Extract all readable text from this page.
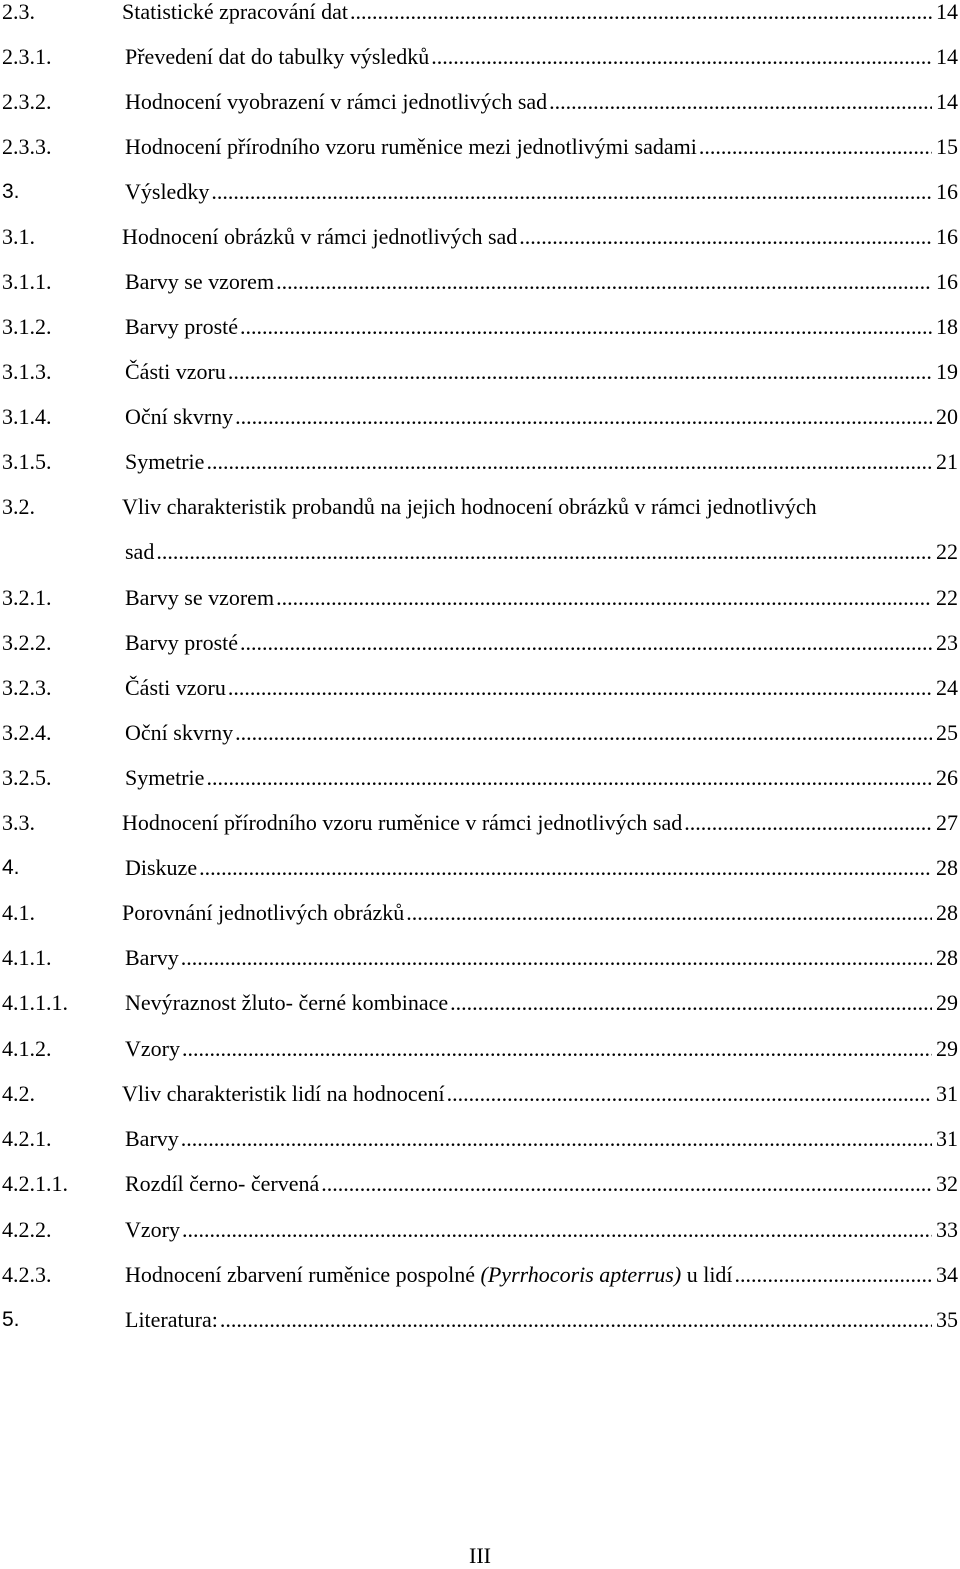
2.3.	Statistické zpracování dat .....	14
2.3.1.	Převedení dat do tabulky výsledků .....	14
2.3.2.	Hodnocení vyobrazení v rámci jednotlivých sad .....	14
2.3.3.	Hodnocení přírodního vzoru ruměnice mezi jednotlivými sadami .....	15
3.	Výsledky .....	16
3.1.	Hodnocení obrázků v rámci jednotlivých sad .....	16
3.1.1.	Barvy se vzorem .....	16
3.1.2.	Barvy prosté .....	18
3.1.3.	Části vzoru .....	19
3.1.4.	Oční skvrny .....	20
3.1.5.	Symetrie .....	21
3.2.	Vliv charakteristik probandů na jejich hodnocení obrázků v rámci jednotlivých
sad .....	22
3.2.1.	Barvy se vzorem .....	22
3.2.2.	Barvy prosté .....	23
3.2.3.	Části vzoru .....	24
3.2.4.	Oční skvrny .....	25
3.2.5.	Symetrie .....	26
3.3.	Hodnocení přírodního vzoru ruměnice v rámci jednotlivých sad .....	27
4.	Diskuze .....	28
4.1.	Porovnání jednotlivých obrázků .....	28
4.1.1.	Barvy .....	28
4.1.1.1.	Nevýraznost žluto- černé kombinace .....	29
4.1.2.	Vzory .....	29
4.2.	Vliv charakteristik lidí na hodnocení .....	31
4.2.1.	Barvy .....	31
4.2.1.1.	Rozdíl černo- červená .....	32
4.2.2.	Vzory .....	33
4.2.3.	Hodnocení zbarvení ruměnice pospolné (Pyrrhocoris apterrus) u lidí .....	34
5.	Literatura: .....	35
III
